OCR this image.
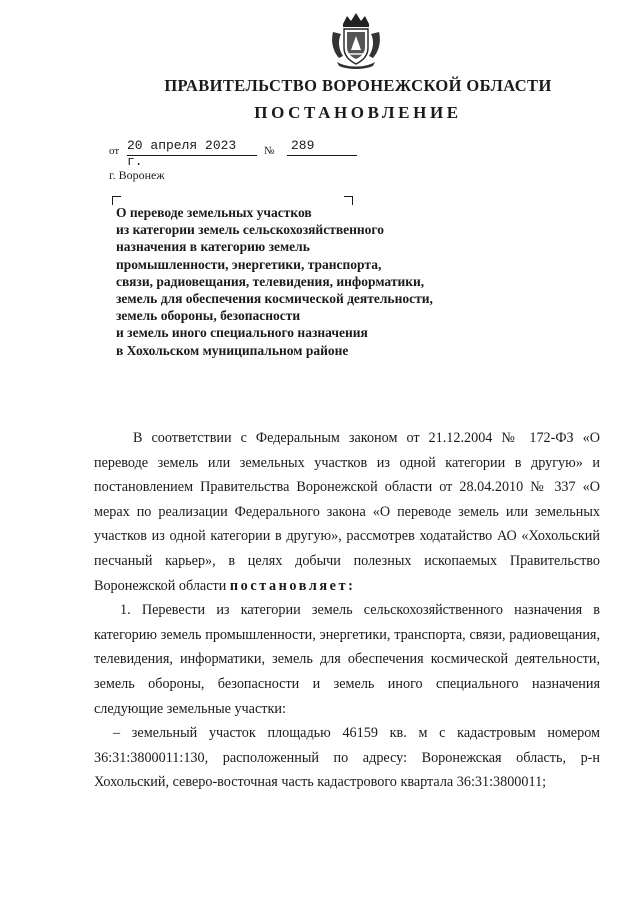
ПРАВИТЕЛЬСТВО ВОРОНЕЖСКОЙ ОБЛАСТИ
ПОСТАНОВЛЕНИЕ
от 20 апреля 2023 г.
№	289
г. Воронеж
О переводе земельных участков
из категории земель сельскохозяйственного
назначения в категорию земель
промышленности, энергетики, транспорта,
связи, радиовещания, телевидения, информатики,
земель для обеспечения космической деятельности,
земель обороны, безопасности
и земель иного специального назначения
в Хохольском муниципальном районе
В соответствии с Федеральным законом от 21.12.2004 № 172-ФЗ «О переводе земель или земельных участков из одной категории в другую» и постановлением Правительства Воронежской области от 28.04.2010 № 337 «О мерах по реализации Федерального закона «О переводе земель или земельных участков из одной категории в другую», рассмотрев ходатайство АО «Хохольский песчаный карьер», в целях добычи полезных ископаемых Правительство Воронежской области постановляет:
1. Перевести из категории земель сельскохозяйственного назначения в категорию земель промышленности, энергетики, транспорта, связи, радиовещания, телевидения, информатики, земель для обеспечения космической деятельности, земель обороны, безопасности и земель иного специального назначения следующие земельные участки:
– земельный участок площадью 46159 кв. м с кадастровым номером 36:31:3800011:130, расположенный по адресу: Воронежская область, р-н Хохольский, северо-восточная часть кадастрового квартала 36:31:3800011;
